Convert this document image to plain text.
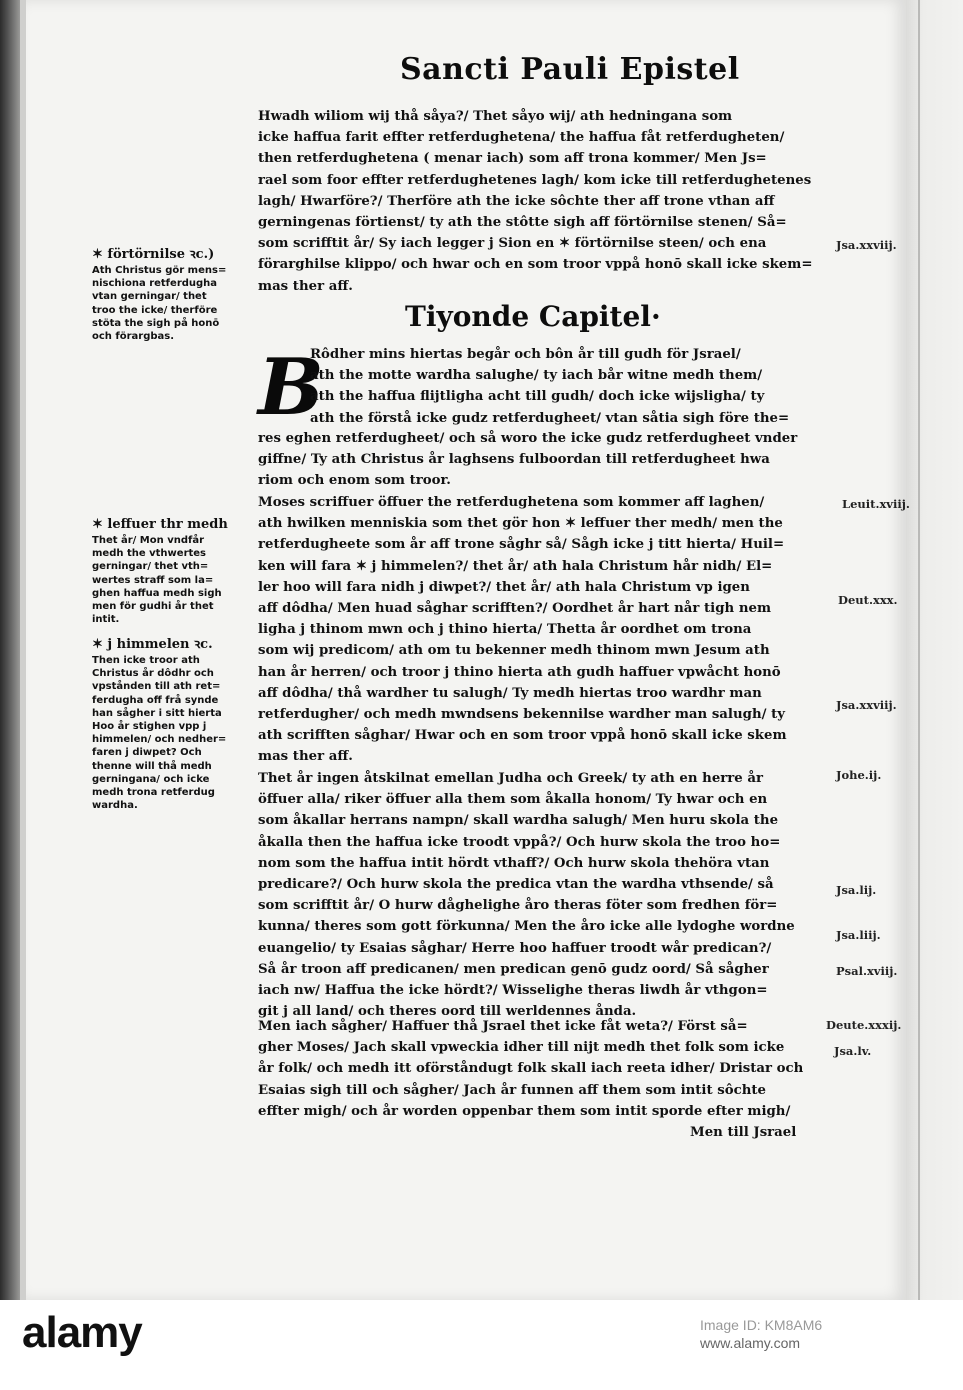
Sancti Pauli Epistel
Hwadh wiliom wij thå såya?/ Thet såyo wij/ ath hedningana som
icke haffua farit effter retferdughetena/ the haffua fåt retferdugheten/
then retferdughetena ( menar iach) som aff trona kommer/ Men Js=
rael som foor effter retferdughetenes lagh/ kom icke till retferdughetenes
lagh/ Hwarföre?/ Therföre ath the icke sôchte ther aff trone vthan aff
gerningenas förtienst/ ty ath the stôtte sigh aff förtörnilse stenen/ Så=
som scrifftit år/ Sy iach legger j Sion en ✶ förtörnilse steen/ och ena
förarghilse klippo/ och hwar och en som troor vppå honō skall icke skem=
mas ther aff.
Tiyonde Capitel·
B
Rôdher mins hiertas begår och bôn år till gudh för Jsrael/
ath the motte wardha salughe/ ty iach bår witne medh them/
ath the haffua flijtligha acht till gudh/ doch icke wijsligha/ ty
ath the förstå icke gudz retferdugheet/ vtan såtia sigh före the=
res eghen retferdugheet/ och så woro the icke gudz retferdugheet vnder
giffne/ Ty ath Christus år laghsens fulboordan till retferdugheet hwa
riom och enom som troor.
Moses scriffuer öffuer the retferdughetena som kommer aff laghen/
ath hwilken menniskia som thet gör hon ✶ leffuer ther medh/ men the
retferdugheete som år aff trone såghr så/ Sågh icke j titt hierta/ Huil=
ken will fara ✶ j himmelen?/ thet år/ ath hala Christum hår nidh/ El=
ler hoo will fara nidh j diwpet?/ thet år/ ath hala Christum vp igen
aff dôdha/ Men huad såghar scrifften?/ Oordhet år hart når tigh nem
ligha j thinom mwn och j thino hierta/ Thetta år oordhet om trona
som wij predicom/ ath om tu bekenner medh thinom mwn Jesum ath
han år herren/ och troor j thino hierta ath gudh haffuer vpwåcht honō
aff dôdha/ thå wardher tu salugh/ Ty medh hiertas troo wardhr man
retferdugher/ och medh mwndsens bekennilse wardher man salugh/ ty
ath scrifften såghar/ Hwar och en som troor vppå honō skall icke skem
mas ther aff.
Thet år ingen åtskilnat emellan Judha och Greek/ ty ath en herre år
öffuer alla/ riker öffuer alla them som åkalla honom/ Ty hwar och en
som åkallar herrans nampn/ skall wardha salugh/ Men huru skola the
åkalla then the haffua icke troodt vppå?/ Och hurw skola the troo ho=
nom som the haffua intit hördt vthaff?/ Och hurw skola thehöra vtan
predicare?/ Och hurw skola the predica vtan the wardha vthsende/ så
som scrifftit år/ O hurw dåghelighe åro theras föter som fredhen för=
kunna/ theres som gott förkunna/ Men the åro icke alle lydoghe wordne
euangelio/ ty Esaias såghar/ Herre hoo haffuer troodt wår predican?/
Så år troon aff predicanen/ men predican genō gudz oord/ Så sågher
iach nw/ Haffua the icke hördt?/ Wisselighe theras liwdh år vthgon=
git j all land/ och theres oord till werldennes ånda.
Men iach sågher/ Haffuer thå Jsrael thet icke fåt weta?/ Först så=
gher Moses/ Jach skall vpweckia idher till nijt medh thet folk som icke
år folk/ och medh itt oförståndugt folk skall iach reeta idher/ Dristar och
Esaias sigh till och sågher/ Jach år funnen aff them som intit sôchte
effter migh/ och år worden oppenbar them som intit sporde efter migh/
Men till Jsrael
✶ förtörnilse ꝛc.)
Ath Christus gör mens=
nischiona retferdugha
vtan gerningar/ thet
troo the icke/ therföre
stöta the sigh på honō
och förargbas.
✶ leffuer thr medh
Thet år/ Mon vndfår
medh the vthwertes
gerningar/ thet vth=
wertes straff som la=
ghen haffua medh sigh
men för gudhi år thet
intit.
✶ j himmelen ꝛc.
Then icke troor ath
Christus år dôdhr och
vpstånden till ath ret=
ferdugha off frå synde
han sågher i sitt hierta
Hoo år stighen vpp j
himmelen/ och nedher=
faren j diwpet? Och
thenne will thå medh
gerningana/ och icke
medh trona retferdug
wardha.
Jsa.xxviij.
Leuit.xviij.
Deut.xxx.
Jsa.xxviij.
Johe.ij.
Jsa.lij.
Jsa.liij.
Psal.xviij.
Deute.xxxij.
Jsa.lv.
alamy	Image ID: KM8AM6
www.alamy.com
